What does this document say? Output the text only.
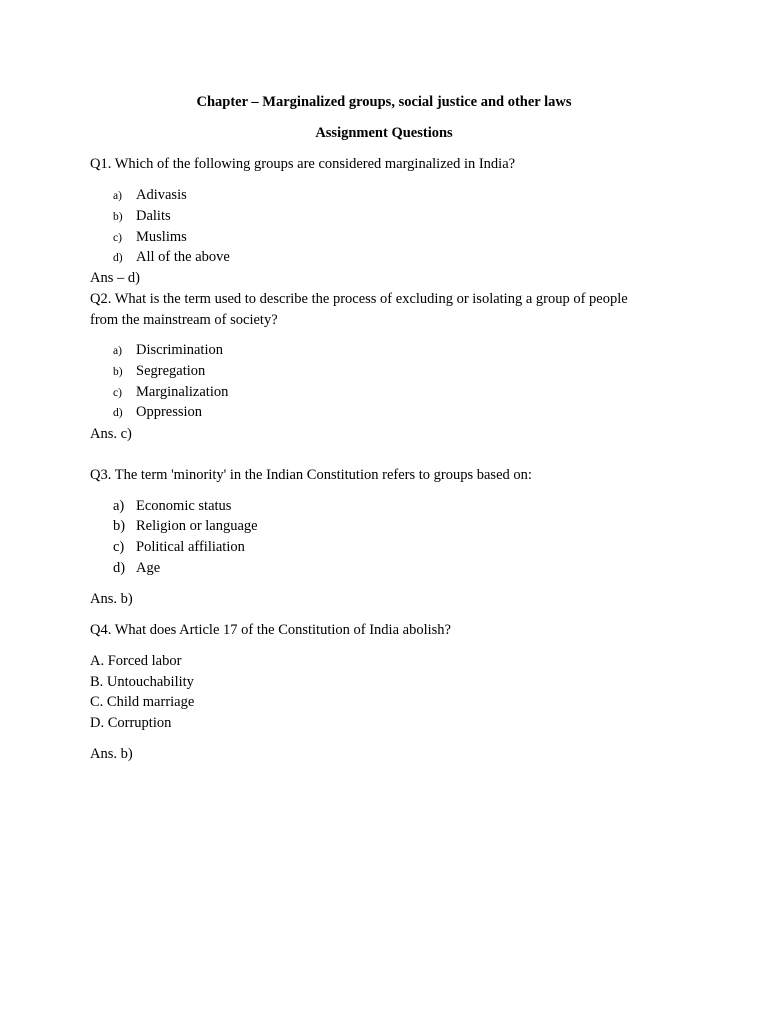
Chapter – Marginalized groups, social justice and other laws
Assignment Questions
Q1. Which of the following groups are considered marginalized in India?
a) Adivasis
b) Dalits
c) Muslims
d) All of the above
Ans – d)
Q2. What is the term used to describe the process of excluding or isolating a group of people
from the mainstream of society?
a) Discrimination
b) Segregation
c) Marginalization
d) Oppression
Ans. c)
Q3. The term 'minority' in the Indian Constitution refers to groups based on:
a) Economic status
b) Religion or language
c) Political affiliation
d) Age
Ans. b)
Q4. What does Article 17 of the Constitution of India abolish?
A. Forced labor
B. Untouchability
C. Child marriage
D. Corruption
Ans. b)
